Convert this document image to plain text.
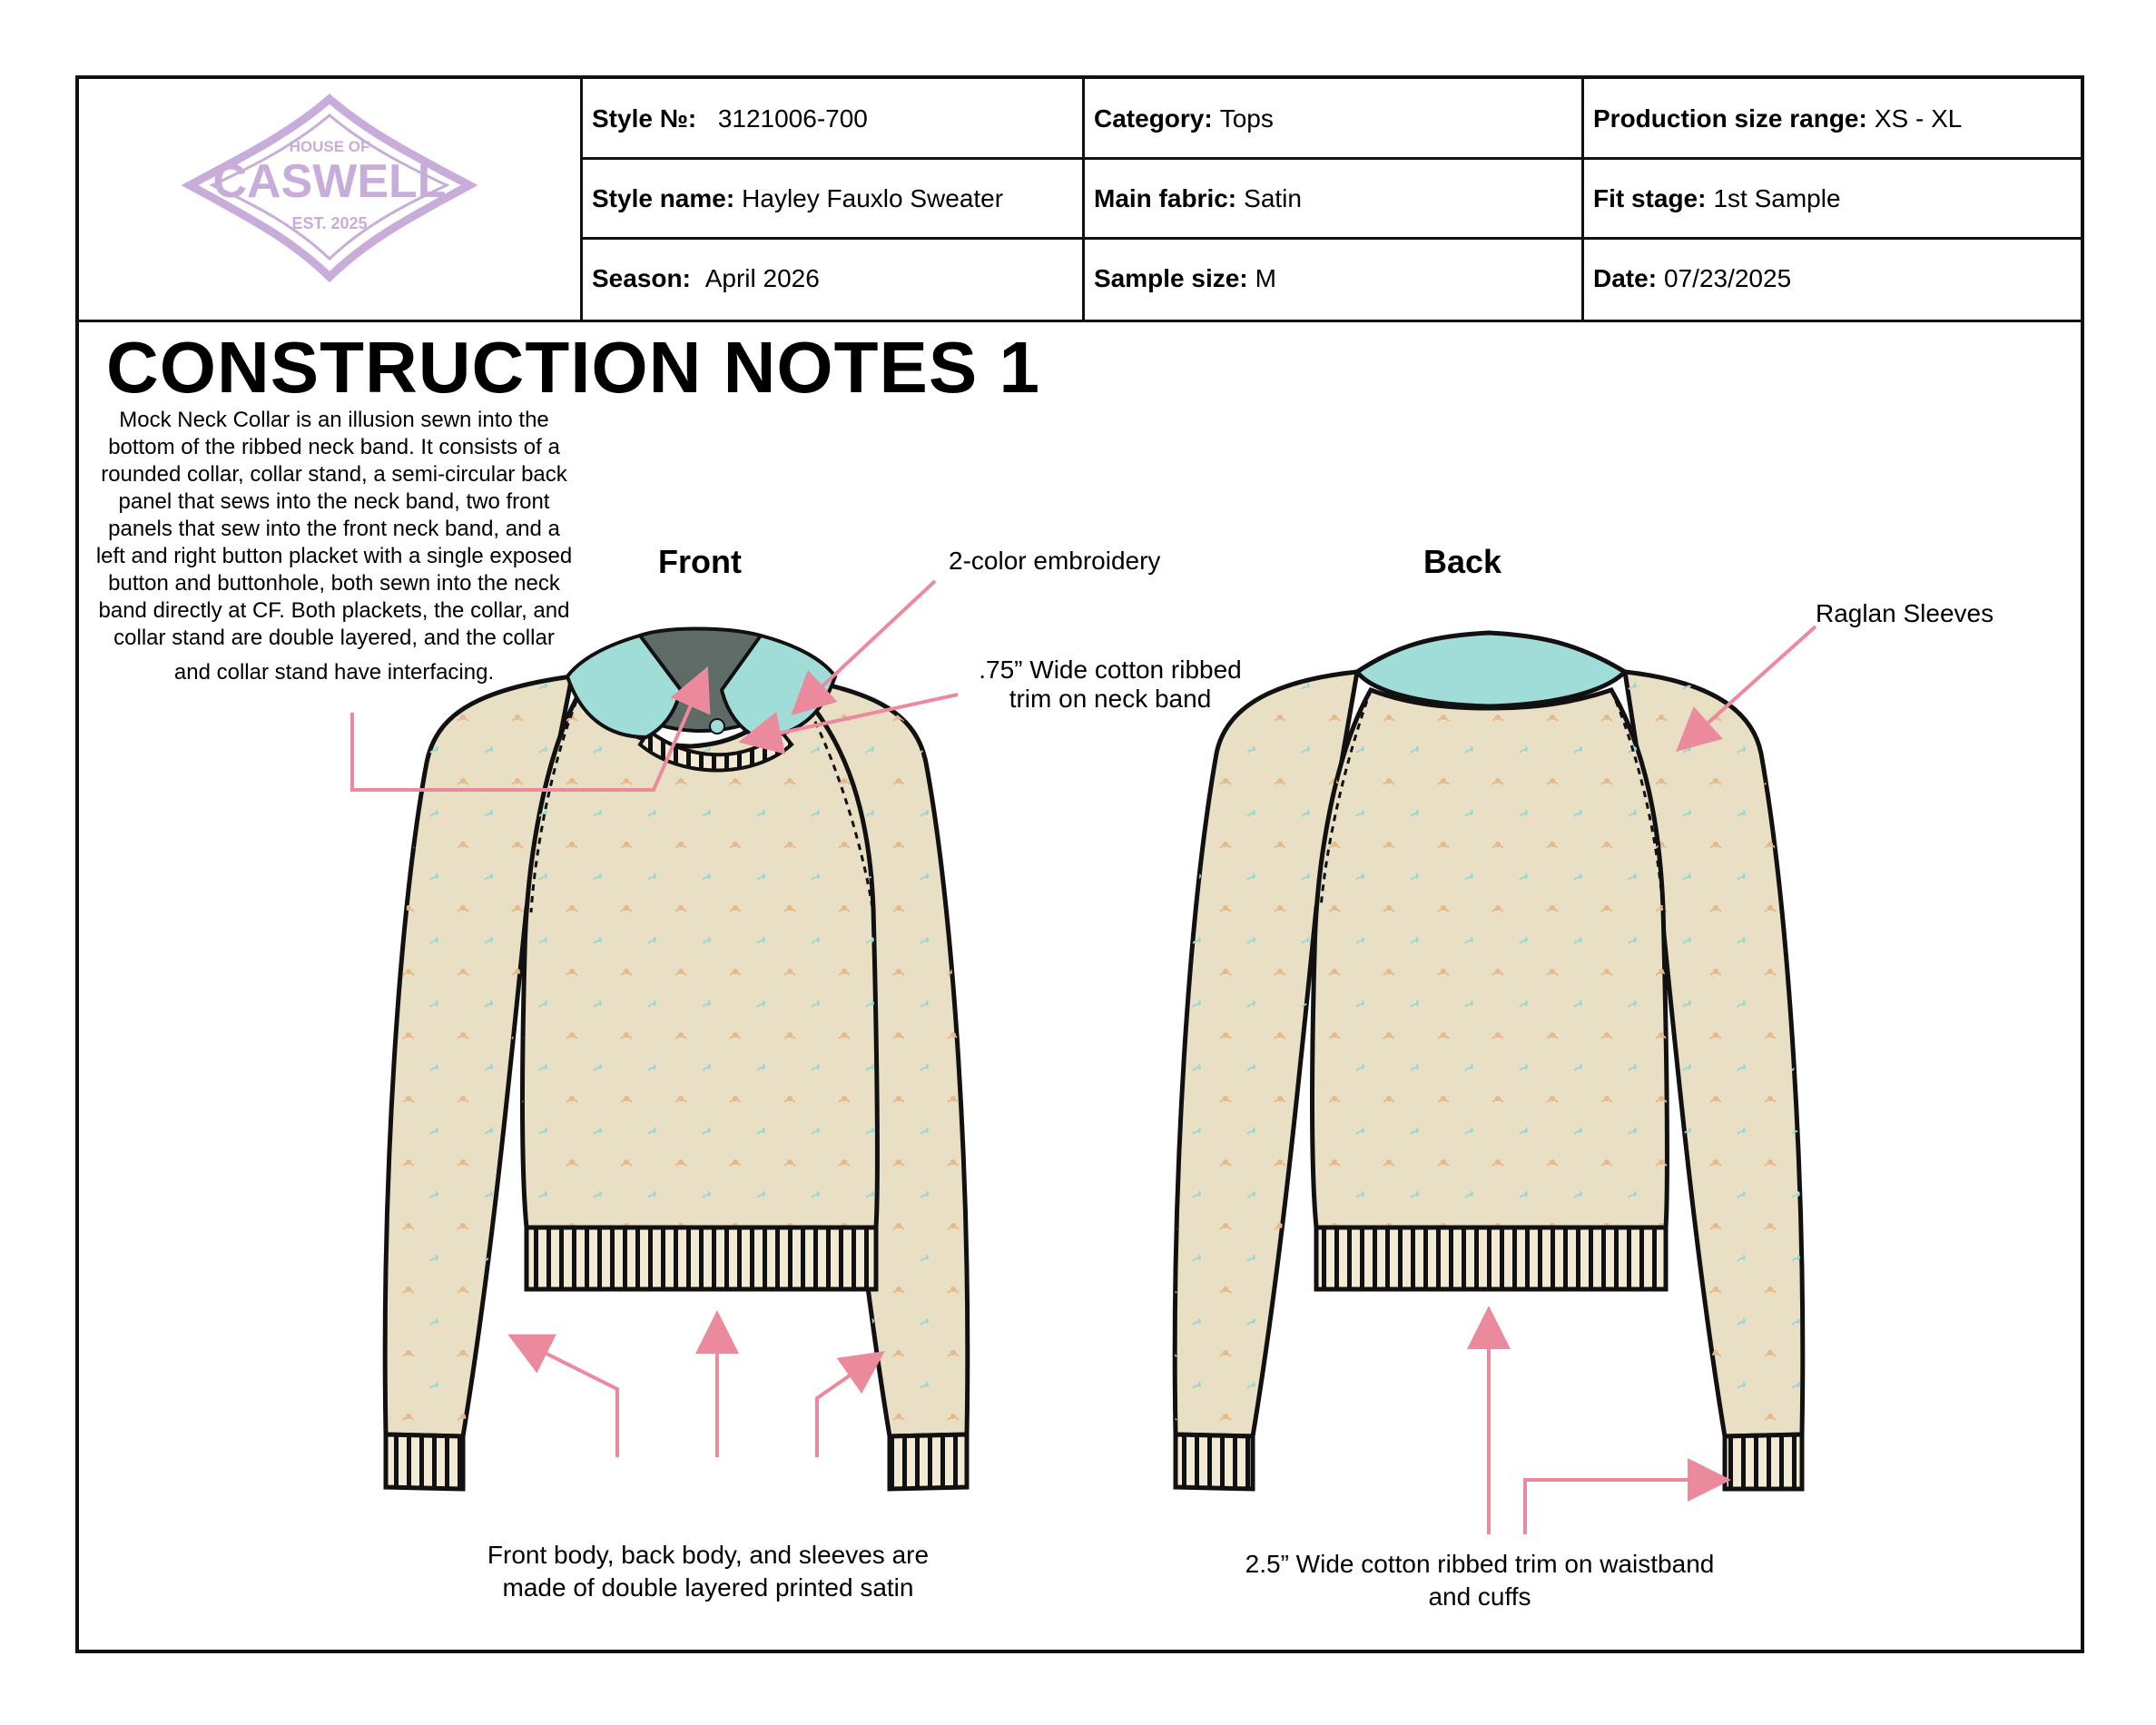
HOUSE OF
CASWELL
EST. 2025
Style №:
3121006-700	Category: Tops	Production size range: XS - XL
Style name: Hayley Fauxlo Sweater	Main fabric: Satin	Fit stage: 1st Sample
Season:
April 2026	Sample size: M	Date: 07/23/2025
CONSTRUCTION NOTES 1
Mock Neck Collar is an illusion sewn into the
bottom of the ribbed neck band. It consists of a
rounded collar, collar stand, a semi-circular back
panel that sews into the neck band, two front
panels that sew into the front neck band, and a
left and right button placket with a single exposed
button and buttonhole, both sewn into the neck
band directly at CF. Both plackets, the collar, and
collar stand are double layered, and the collar
and collar stand have interfacing.
Front	Back
2-color embroidery
.75” Wide cotton ribbed
trim on neck band
Raglan Sleeves
Front body, back body, and sleeves are
made of double layered printed satin
2.5” Wide cotton ribbed trim on waistband
and cuffs
